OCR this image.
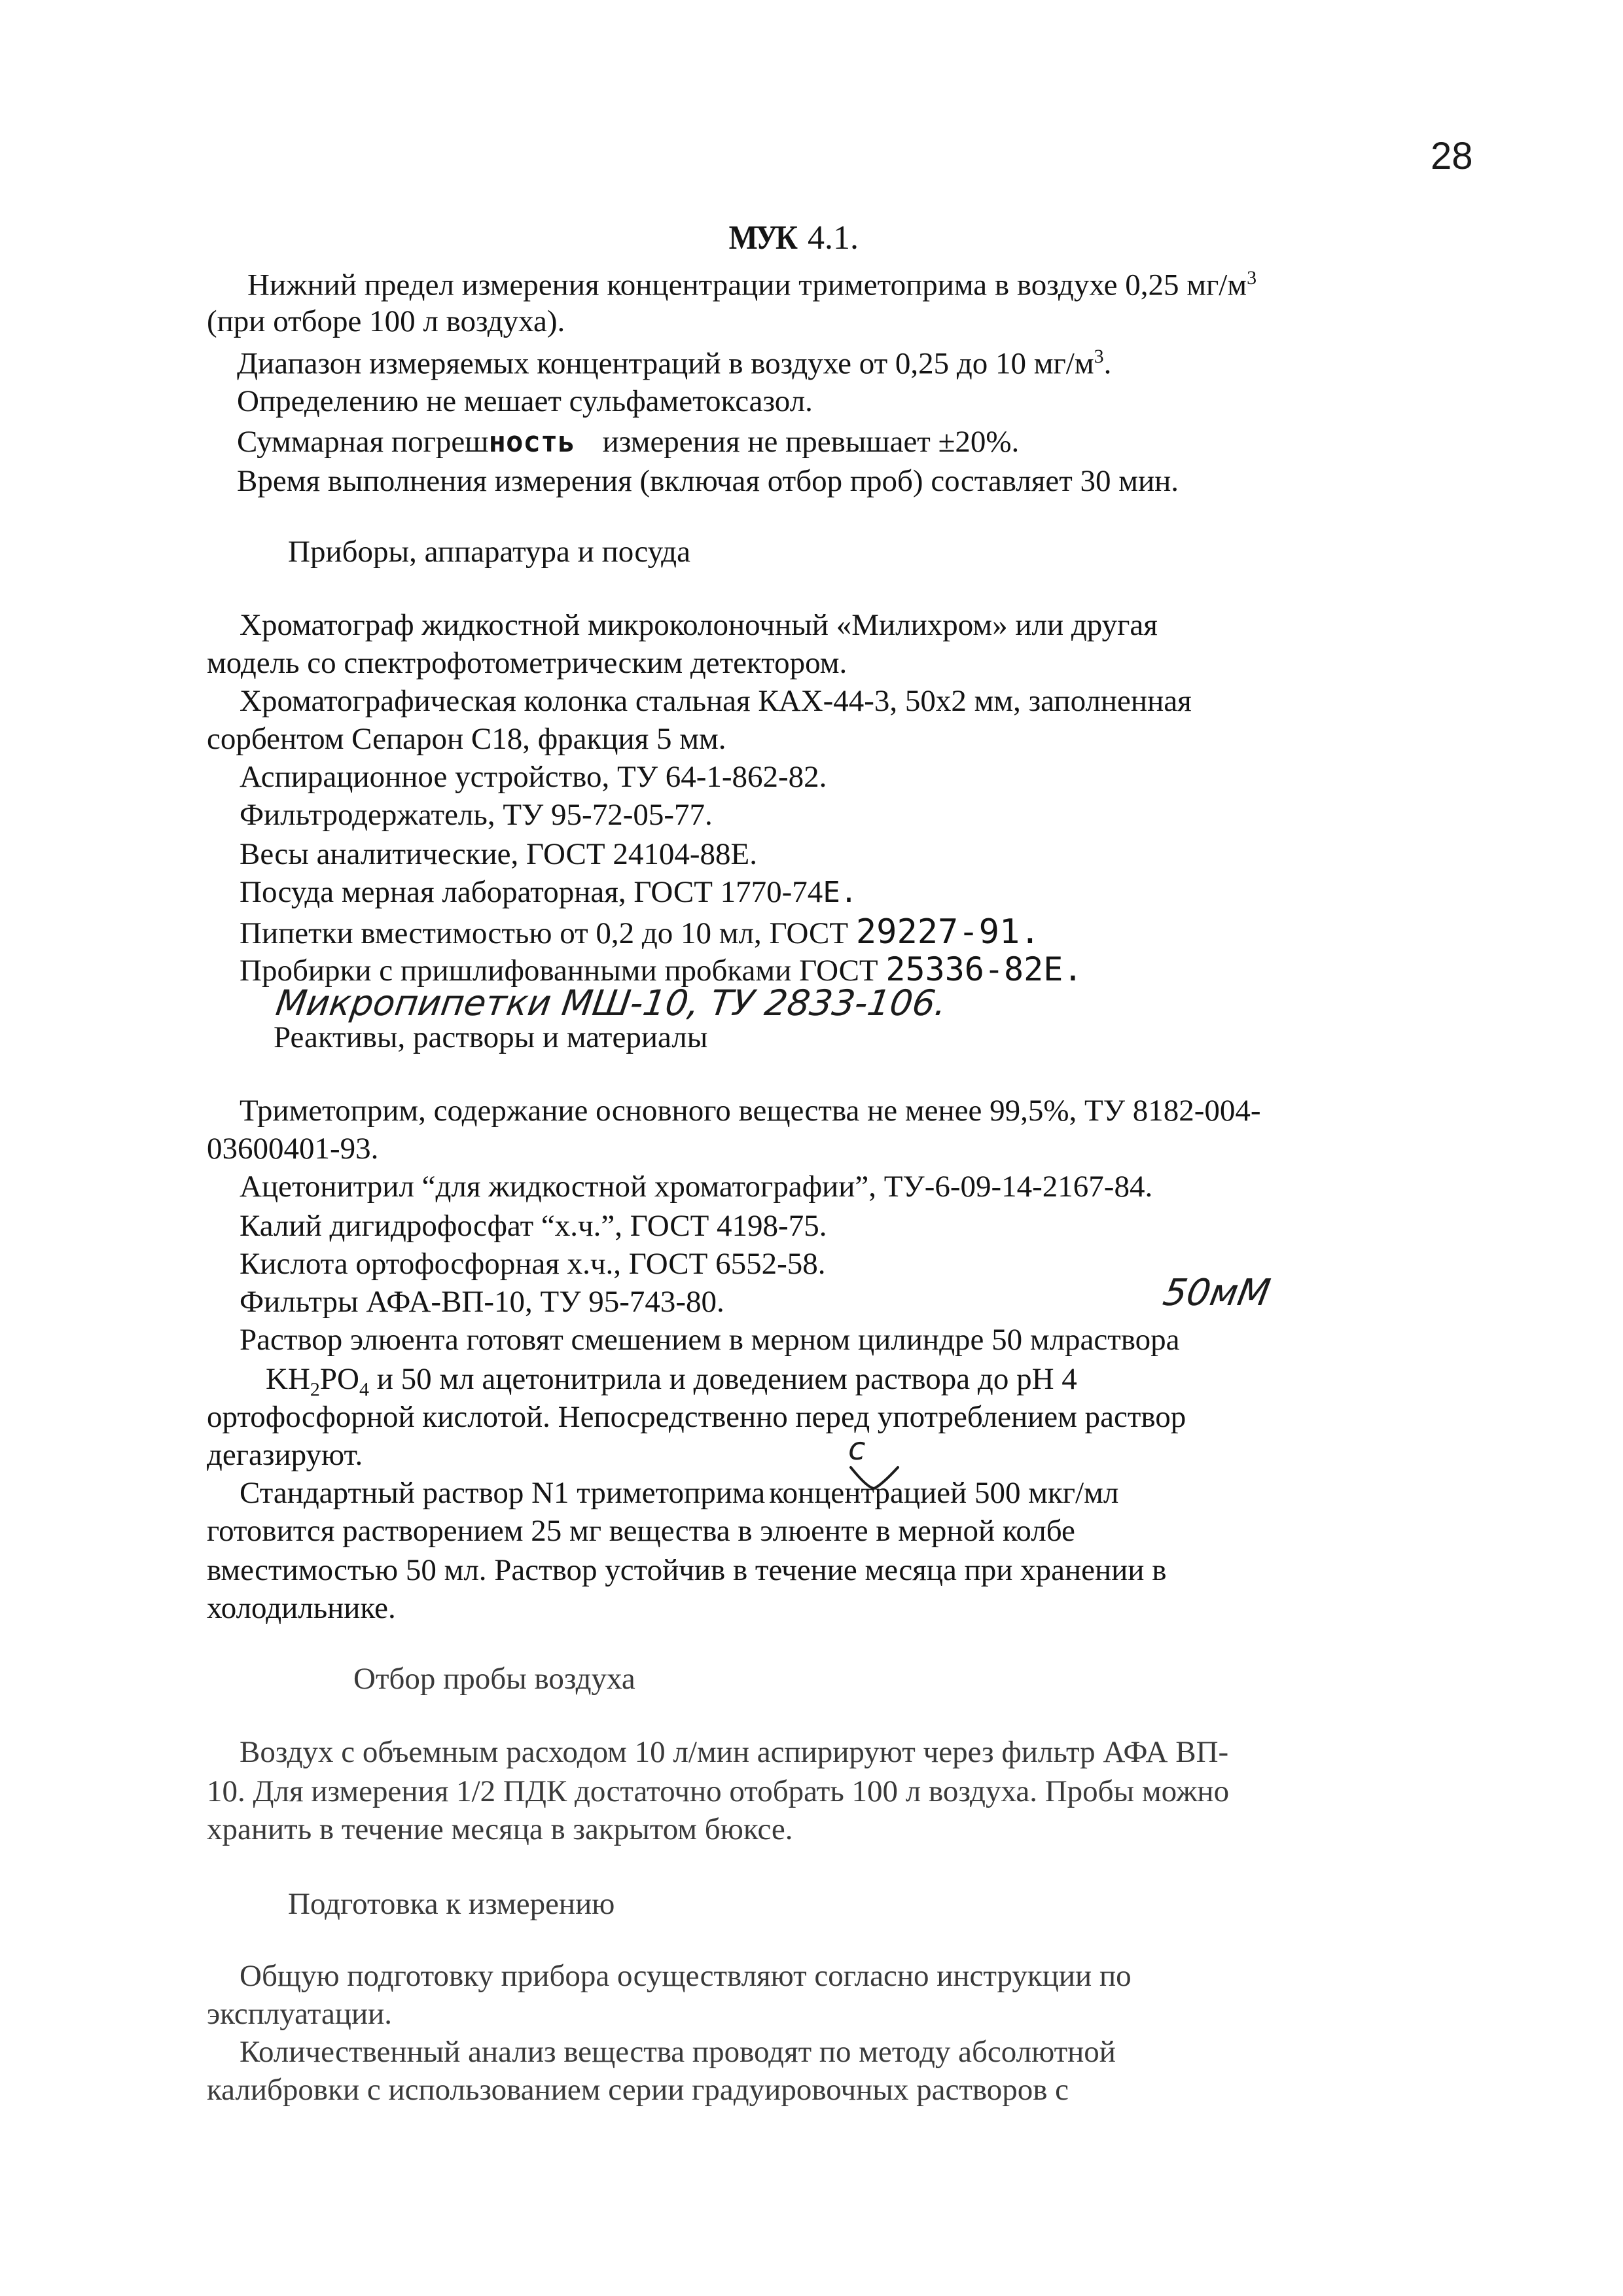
28
МУК 4.1.
Нижний предел измерения концентрации триметоприма в воздухе 0,25 $мг/м^3$
(при отборе 100 л воздуха).
Диапазон измеряемых концентраций в воздухе от 0,25 до 10 $мг/м^3$.
Определению не мешает сульфаметоксазол.
Суммарная погрешность измерения не превышает ±20%.
Время выполнения измерения (включая отбор проб) составляет 30 мин.
Приборы, аппаратура и посуда
Хроматограф жидкостной микроколоночный «Милихром» или другая
модель со спектрофотометрическим детектором.
Хроматографическая колонка стальная КАХ-44-3, 50х2 мм, заполненная
сорбентом Сепарон С18, фракция 5 мм.
Аспирационное устройство, ТУ 64-1-862-82.
Фильтродержатель, ТУ 95-72-05-77.
Весы аналитические, ГОСТ 24104-88Е.
Посуда мерная лабораторная, ГОСТ 1770-74Е.
Пипетки вместимостью от 0,2 до 10 мл, ГОСТ 29227-91.
Пробирки с пришлифованными пробками ГОСТ 25336-82Е.
Микропипетки МШ-10, ТУ 2833-106.
Реактивы, растворы и материалы
Триметоприм, содержание основного вещества не менее 99,5%, ТУ 8182-004-
03600401-93.
Ацетонитрил “для жидкостной хроматографии”, ТУ-6-09-14-2167-84.
Калий дигидрофосфат “х.ч.”, ГОСТ 4198-75.
Кислота ортофосфорная х.ч., ГОСТ 6552-58.
Фильтры АФА-ВП-10, ТУ 95-743-80.	50мМ
Раствор элюента готовят смешением в мерном цилиндре 50 млраствора
$KH_2PO_4$ и 50 мл ацетонитрила и доведением раствора до pH 4
ортофосфорной кислотой. Непосредственно перед употреблением раствор
дегазируют.	с
Стандартный раствор N1 триметоприма концентрацией 500 мкг/мл
готовится растворением 25 мг вещества в элюенте в мерной колбе
вместимостью 50 мл. Раствор устойчив в течение месяца при хранении в
холодильнике.
Отбор пробы воздуха
Воздух с объемным расходом 10 л/мин аспирируют через фильтр АФА ВП-
10. Для измерения 1/2 ПДК достаточно отобрать 100 л воздуха. Пробы можно
хранить в течение месяца в закрытом бюксе.
Подготовка к измерению
Общую подготовку прибора осуществляют согласно инструкции по
эксплуатации.
Количественный анализ вещества проводят по методу абсолютной
калибровки с использованием серии градуировочных растворов с
